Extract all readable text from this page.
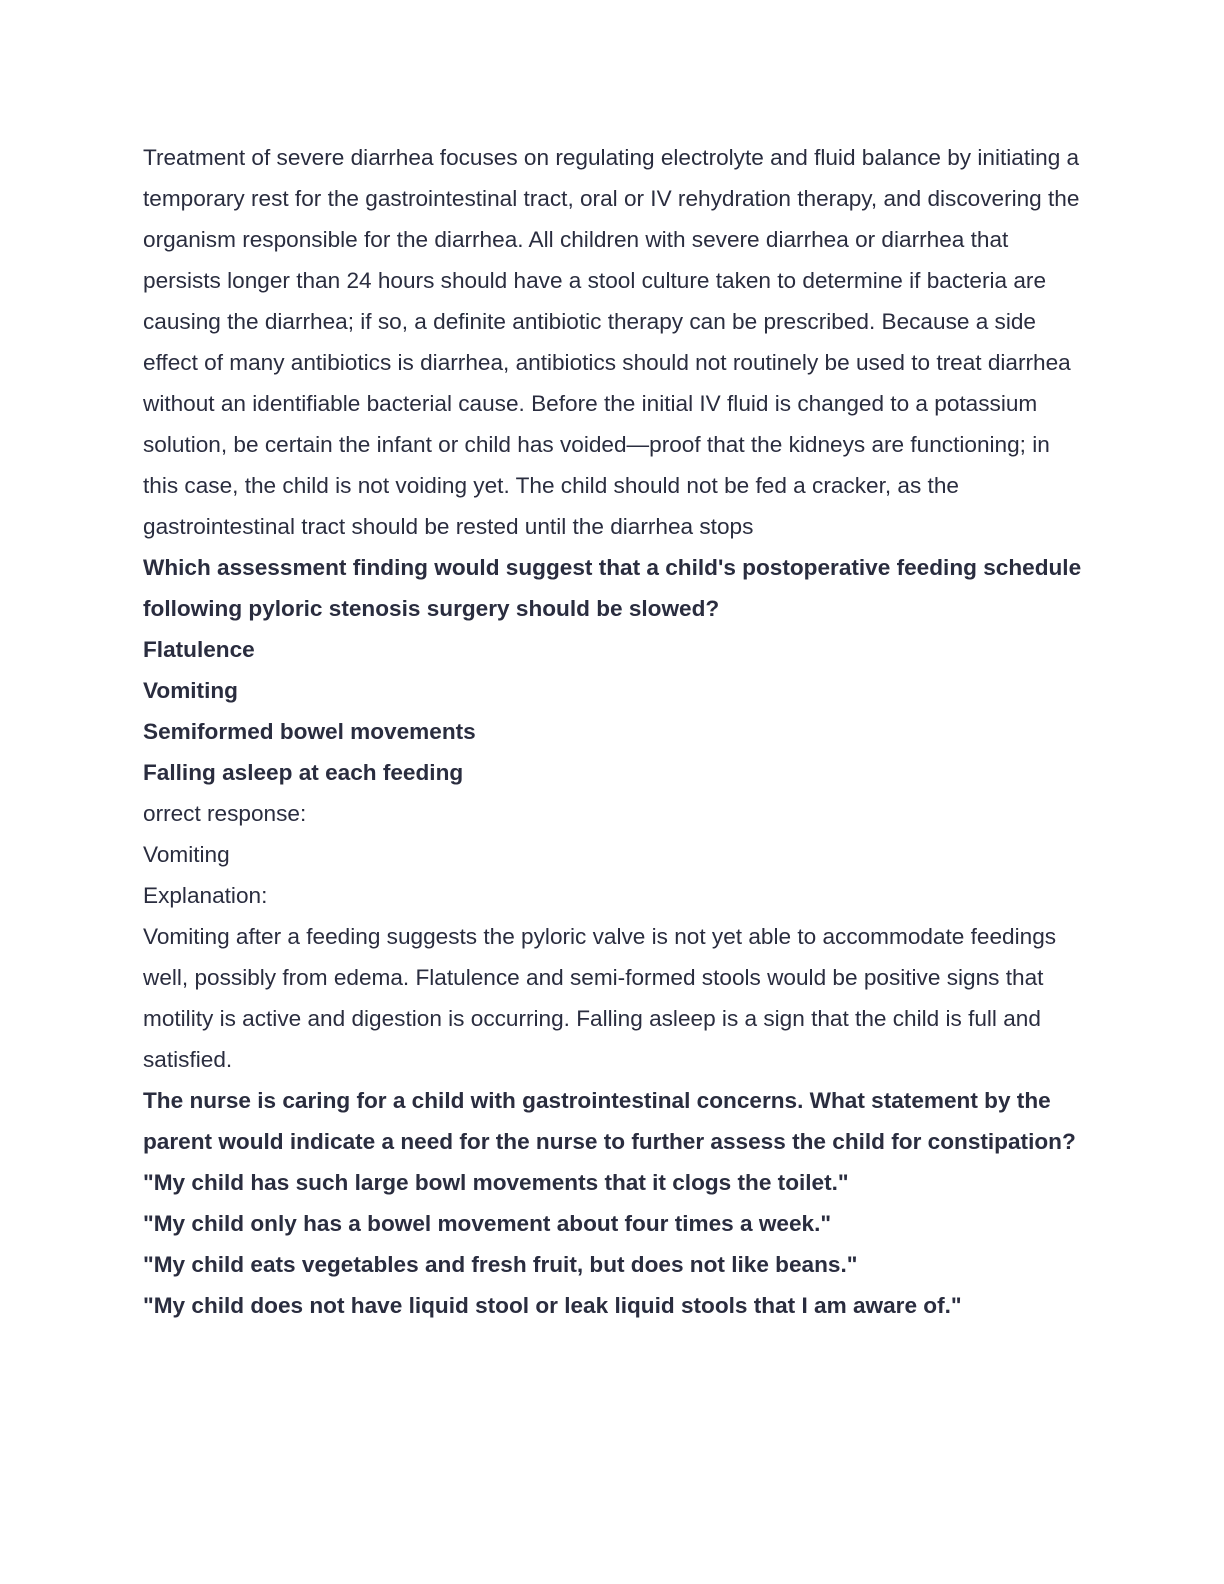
Treatment of severe diarrhea focuses on regulating electrolyte and fluid balance by initiating a temporary rest for the gastrointestinal tract, oral or IV rehydration therapy, and discovering the organism responsible for the diarrhea. All children with severe diarrhea or diarrhea that persists longer than 24 hours should have a stool culture taken to determine if bacteria are causing the diarrhea; if so, a definite antibiotic therapy can be prescribed. Because a side effect of many antibiotics is diarrhea, antibiotics should not routinely be used to treat diarrhea without an identifiable bacterial cause. Before the initial IV fluid is changed to a potassium solution, be certain the infant or child has voided—proof that the kidneys are functioning; in this case, the child is not voiding yet. The child should not be fed a cracker, as the gastrointestinal tract should be rested until the diarrhea stops

Which assessment finding would suggest that a child's postoperative feeding schedule following pyloric stenosis surgery should be slowed?

Flatulence

Vomiting

Semiformed bowel movements

Falling asleep at each feeding

orrect response:

Vomiting

Explanation:

Vomiting after a feeding suggests the pyloric valve is not yet able to accommodate feedings well, possibly from edema. Flatulence and semi-formed stools would be positive signs that motility is active and digestion is occurring. Falling asleep is a sign that the child is full and satisfied.

The nurse is caring for a child with gastrointestinal concerns. What statement by the parent would indicate a need for the nurse to further assess the child for constipation?

"My child has such large bowl movements that it clogs the toilet."

"My child only has a bowel movement about four times a week."

"My child eats vegetables and fresh fruit, but does not like beans."

"My child does not have liquid stool or leak liquid stools that I am aware of."
